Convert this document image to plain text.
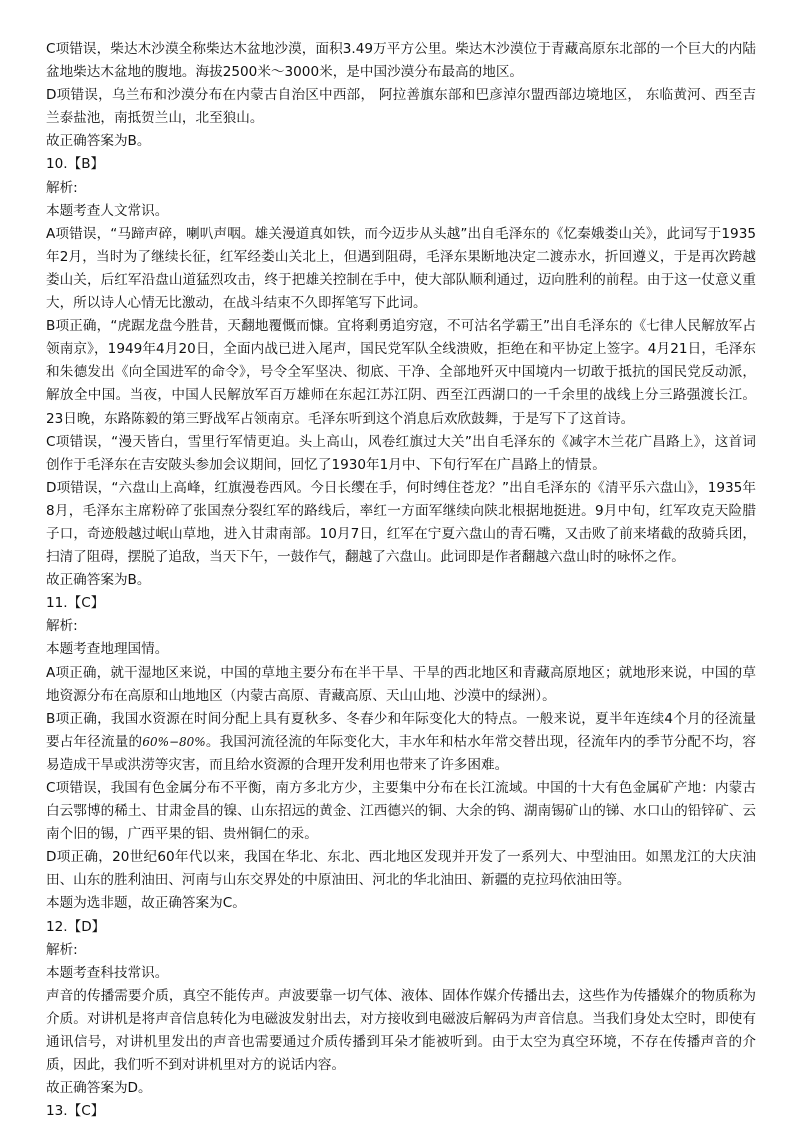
C项错误，柴达木沙漠全称柴达木盆地沙漠，面积3.49万平方公里。柴达木沙漠位于青藏高原东北部的一个巨大的内陆盆地柴达木盆地的腹地。海拔2500米～3000米，是中国沙漠分布最高的地区。

D项错误，乌兰布和沙漠分布在内蒙古自治区中西部， 阿拉善旗东部和巴彦淖尔盟西部边境地区， 东临黄河、西至吉兰泰盐池，南抵贺兰山，北至狼山。

故正确答案为B。

10.【B】

解析:

本题考查人文常识。

A项错误，“马蹄声碎，喇叭声咽。雄关漫道真如铁，而今迈步从头越”出自毛泽东的《忆秦娥娄山关》，此词写于1935年2月，当时为了继续长征，红军经娄山关北上，但遇到阻碍，毛泽东果断地决定二渡赤水，折回遵义，于是再次跨越娄山关，后红军沿盘山道猛烈攻击，终于把雄关控制在手中，使大部队顺利通过，迈向胜利的前程。由于这一仗意义重大，所以诗人心情无比激动，在战斗结束不久即挥笔写下此词。

B项正确，“虎踞龙盘今胜昔，天翻地覆慨而慷。宜将剩勇追穷寇，不可沽名学霸王”出自毛泽东的《七律人民解放军占领南京》，1949年4月20日，全面内战已进入尾声，国民党军队全线溃败，拒绝在和平协定上签字。4月21日，毛泽东和朱德发出《向全国进军的命令》，号令全军坚决、彻底、干净、全部地歼灭中国境内一切敢于抵抗的国民党反动派，解放全中国。当夜，中国人民解放军百万雄师在东起江苏江阴、西至江西湖口的一千余里的战线上分三路强渡长江。23日晚，东路陈毅的第三野战军占领南京。毛泽东听到这个消息后欢欣鼓舞，于是写下了这首诗。

C项错误，“漫天皆白，雪里行军情更迫。头上高山，风卷红旗过大关”出自毛泽东的《减字木兰花广昌路上》，这首词创作于毛泽东在吉安陂头参加会议期间，回忆了1930年1月中、下旬行军在广昌路上的情景。

D项错误，“六盘山上高峰，红旗漫卷西风。今日长缨在手，何时缚住苍龙？”出自毛泽东的《清平乐六盘山》，1935年8月，毛泽东主席粉碎了张国焘分裂红军的路线后，率红一方面军继续向陕北根据地挺进。9月中旬，红军攻克天险腊子口，奇迹般越过岷山草地，进入甘肃南部。10月7日，红军在宁夏六盘山的青石嘴，又击败了前来堵截的敌骑兵团，扫清了阻碍，摆脱了追敌，当天下午，一鼓作气，翻越了六盘山。此词即是作者翻越六盘山时的咏怀之作。

故正确答案为B。

11.【C】

解析:

本题考查地理国情。

A项正确，就干湿地区来说，中国的草地主要分布在半干旱、干旱的西北地区和青藏高原地区；就地形来说，中国的草地资源分布在高原和山地地区（内蒙古高原、青藏高原、天山山地、沙漠中的绿洲）。

B项正确，我国水资源在时间分配上具有夏秋多、冬春少和年际变化大的特点。一般来说，夏半年连续4个月的径流量要占年径流量的60%−80%。我国河流径流的年际变化大，丰水年和枯水年常交替出现，径流年内的季节分配不均，容易造成干旱或洪涝等灾害，而且给水资源的合理开发利用也带来了许多困难。

C项错误，我国有色金属分布不平衡，南方多北方少，主要集中分布在长江流域。中国的十大有色金属矿产地：内蒙古白云鄂博的稀土、甘肃金昌的镍、山东招远的黄金、江西德兴的铜、大余的钨、湖南锡矿山的锑、水口山的铅锌矿、云南个旧的锡，广西平果的铝、贵州铜仁的汞。

D项正确，20世纪60年代以来，我国在华北、东北、西北地区发现并开发了一系列大、中型油田。如黑龙江的大庆油田、山东的胜利油田、河南与山东交界处的中原油田、河北的华北油田、新疆的克拉玛依油田等。

本题为选非题，故正确答案为C。

12.【D】

解析:

本题考查科技常识。

声音的传播需要介质，真空不能传声。声波要靠一切气体、液体、固体作媒介传播出去，这些作为传播媒介的物质称为介质。对讲机是将声音信息转化为电磁波发射出去，对方接收到电磁波后解码为声音信息。当我们身处太空时，即使有通讯信号，对讲机里发出的声音也需要通过介质传播到耳朵才能被听到。由于太空为真空环境，不存在传播声音的介质，因此，我们听不到对讲机里对方的说话内容。

故正确答案为D。

13.【C】
